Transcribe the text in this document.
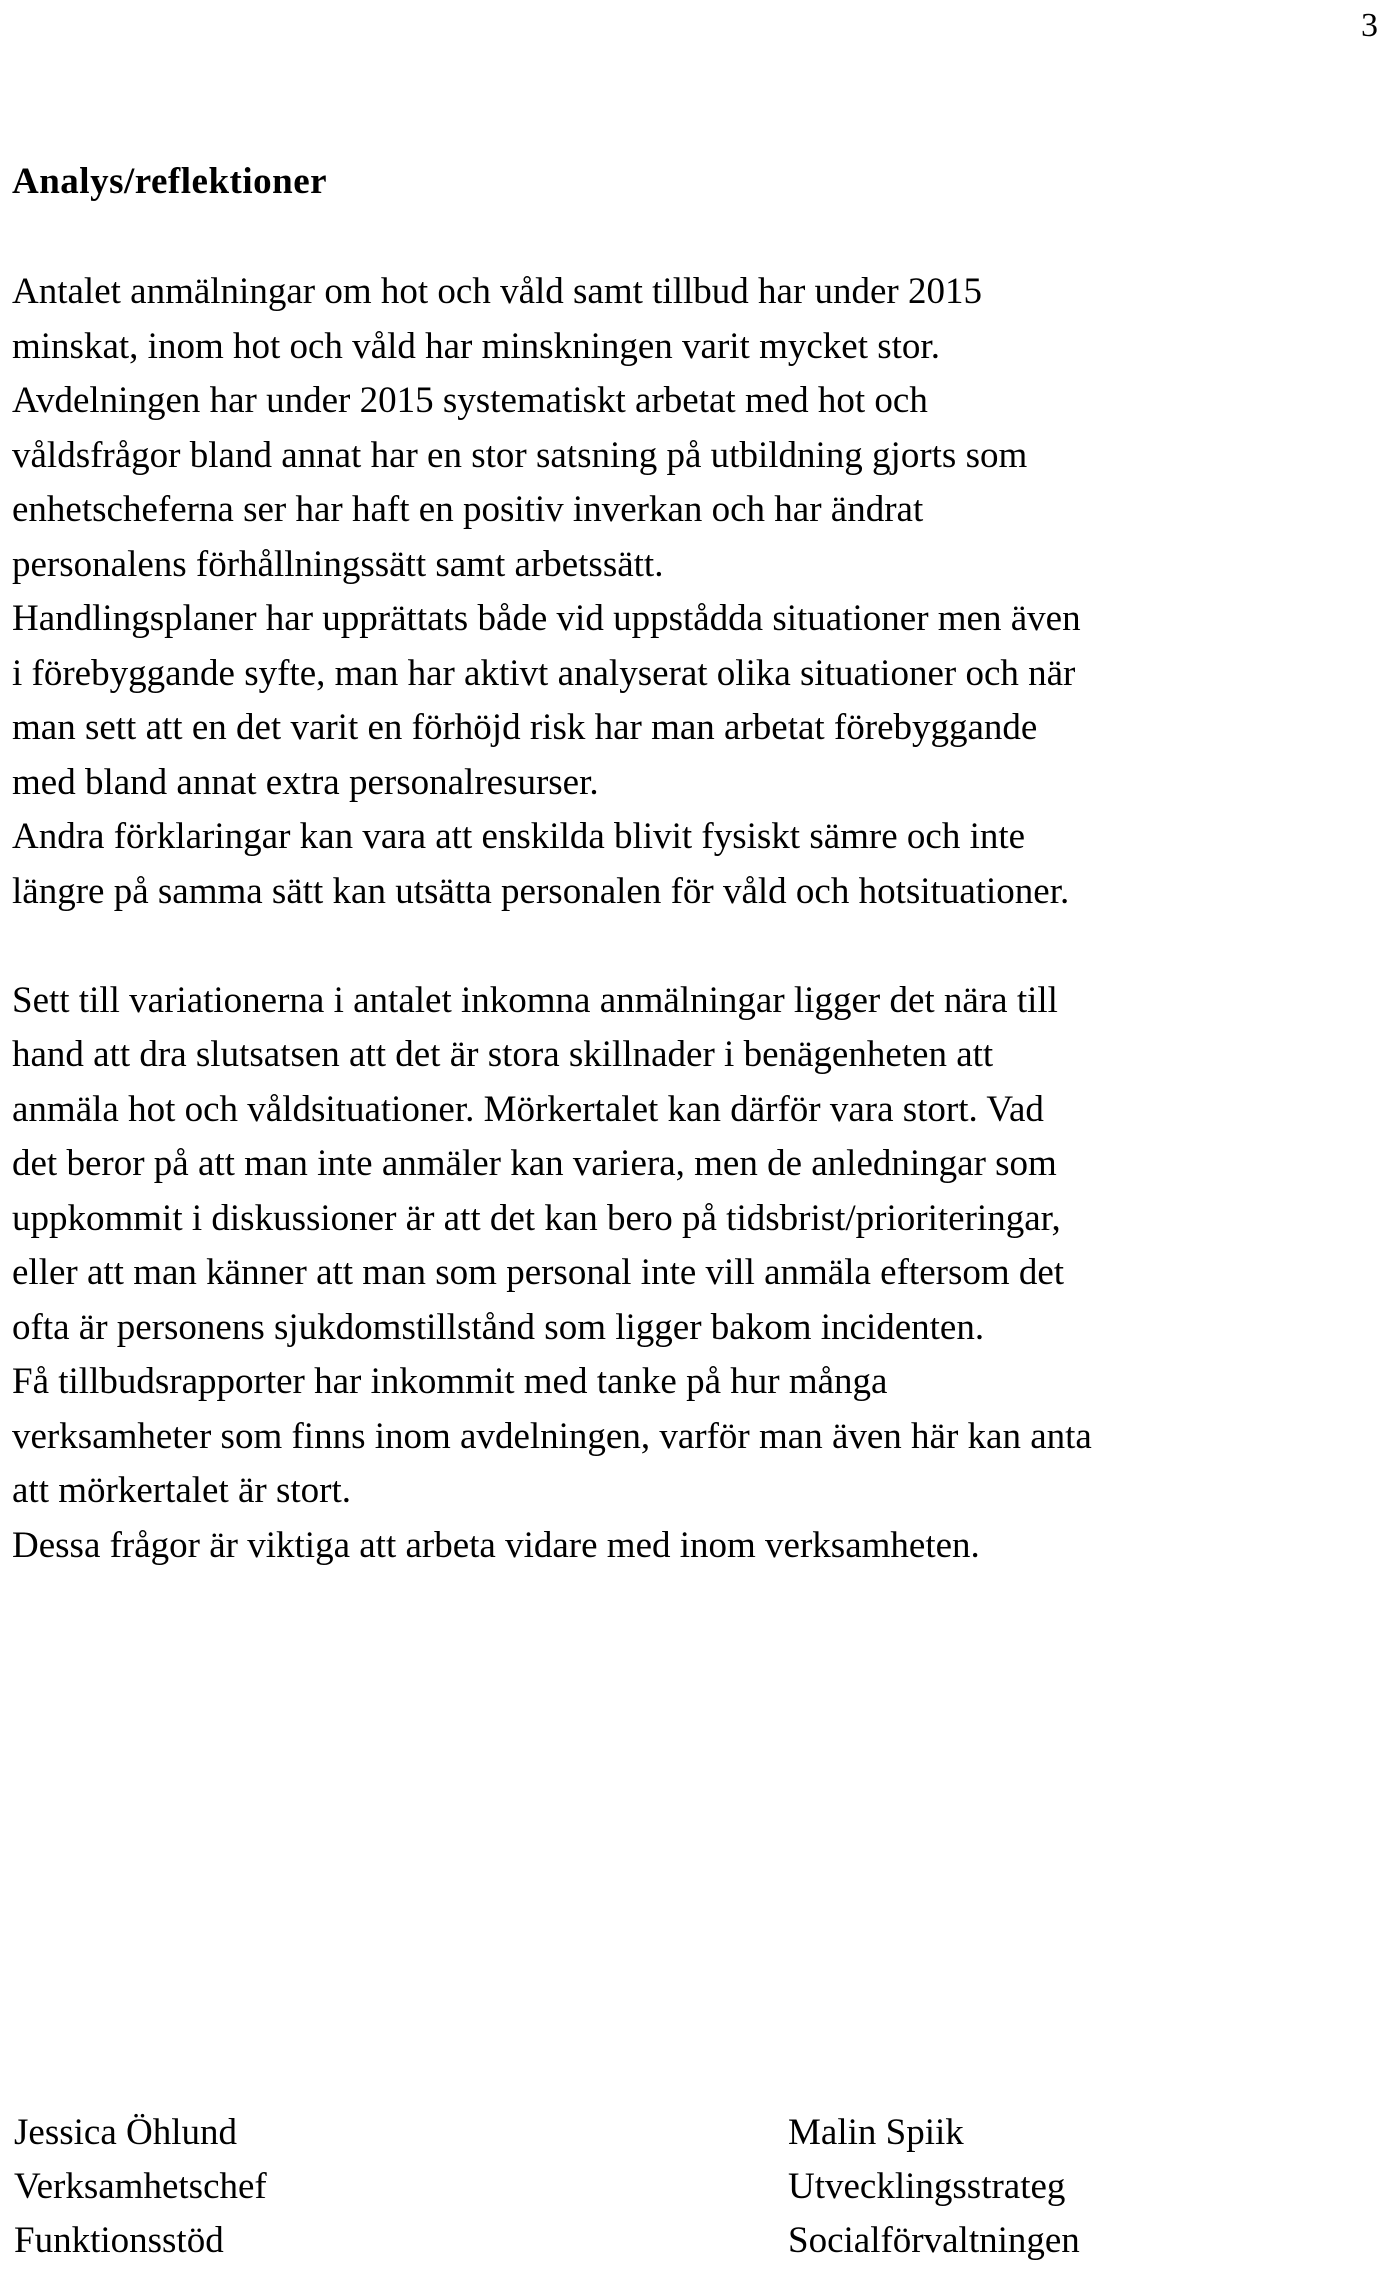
3
Analys/reflektioner
Antalet anmälningar om hot och våld samt tillbud har under 2015
minskat, inom hot och våld har minskningen varit mycket stor.
Avdelningen har under 2015 systematiskt arbetat med hot och
våldsfrågor bland annat har en stor satsning på utbildning gjorts som
enhetscheferna ser har haft en positiv inverkan och har ändrat
personalens förhållningssätt samt arbetssätt.
Handlingsplaner har upprättats både vid uppstådda situationer men även
i förebyggande syfte, man har aktivt analyserat olika situationer och när
man sett att en det varit en förhöjd risk har man arbetat förebyggande
med bland annat extra personalresurser.
Andra förklaringar kan vara att enskilda blivit fysiskt sämre och inte
längre på samma sätt kan utsätta personalen för våld och hotsituationer.
Sett till variationerna i antalet inkomna anmälningar ligger det nära till
hand att dra slutsatsen att det är stora skillnader i benägenheten att
anmäla hot och våldsituationer. Mörkertalet kan därför vara stort. Vad
det beror på att man inte anmäler kan variera, men de anledningar som
uppkommit i diskussioner är att det kan bero på tidsbrist/prioriteringar,
eller att man känner att man som personal inte vill anmäla eftersom det
ofta är personens sjukdomstillstånd som ligger bakom incidenten.
Få tillbudsrapporter har inkommit med tanke på hur många
verksamheter som finns inom avdelningen, varför man även här kan anta
att mörkertalet är stort.
Dessa frågor är viktiga att arbeta vidare med inom verksamheten.
Jessica Öhlund
Verksamhetschef
Funktionsstöd
Malin Spiik
Utvecklingsstrateg
Socialförvaltningen
